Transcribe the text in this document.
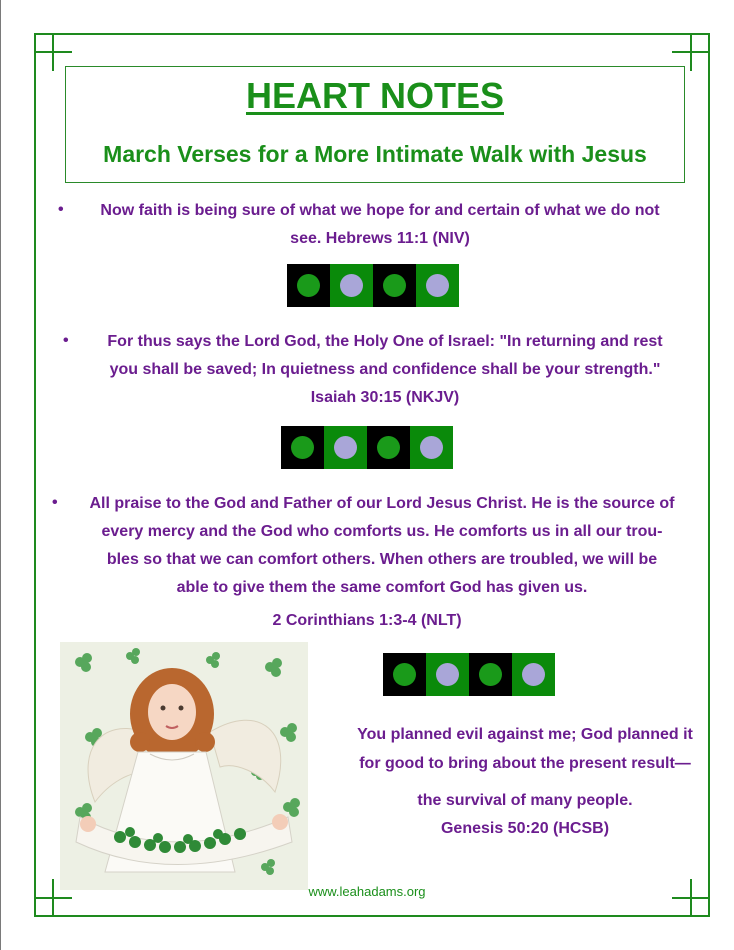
HEART NOTES
March Verses for a More Intimate Walk with Jesus
•	Now faith is being sure of what we hope for and certain of what we do not
see. Hebrews 11:1 (NIV)
•	For thus says the Lord God, the Holy One of Israel: "In returning and rest
you shall be saved; In quietness and confidence shall be your strength."
Isaiah 30:15 (NKJV)
•	All praise to the God and Father of our Lord Jesus Christ. He is the source of
every mercy and the God who comforts us. He comforts us in all our trou-
bles so that we can comfort others. When others are troubled, we will be
able to give them the same comfort God has given us.
2 Corinthians 1:3-4 (NLT)
You planned evil against me; God planned it
for good to bring about the present result—
the survival of many people.
Genesis 50:20 (HCSB)
www.leahadams.org
